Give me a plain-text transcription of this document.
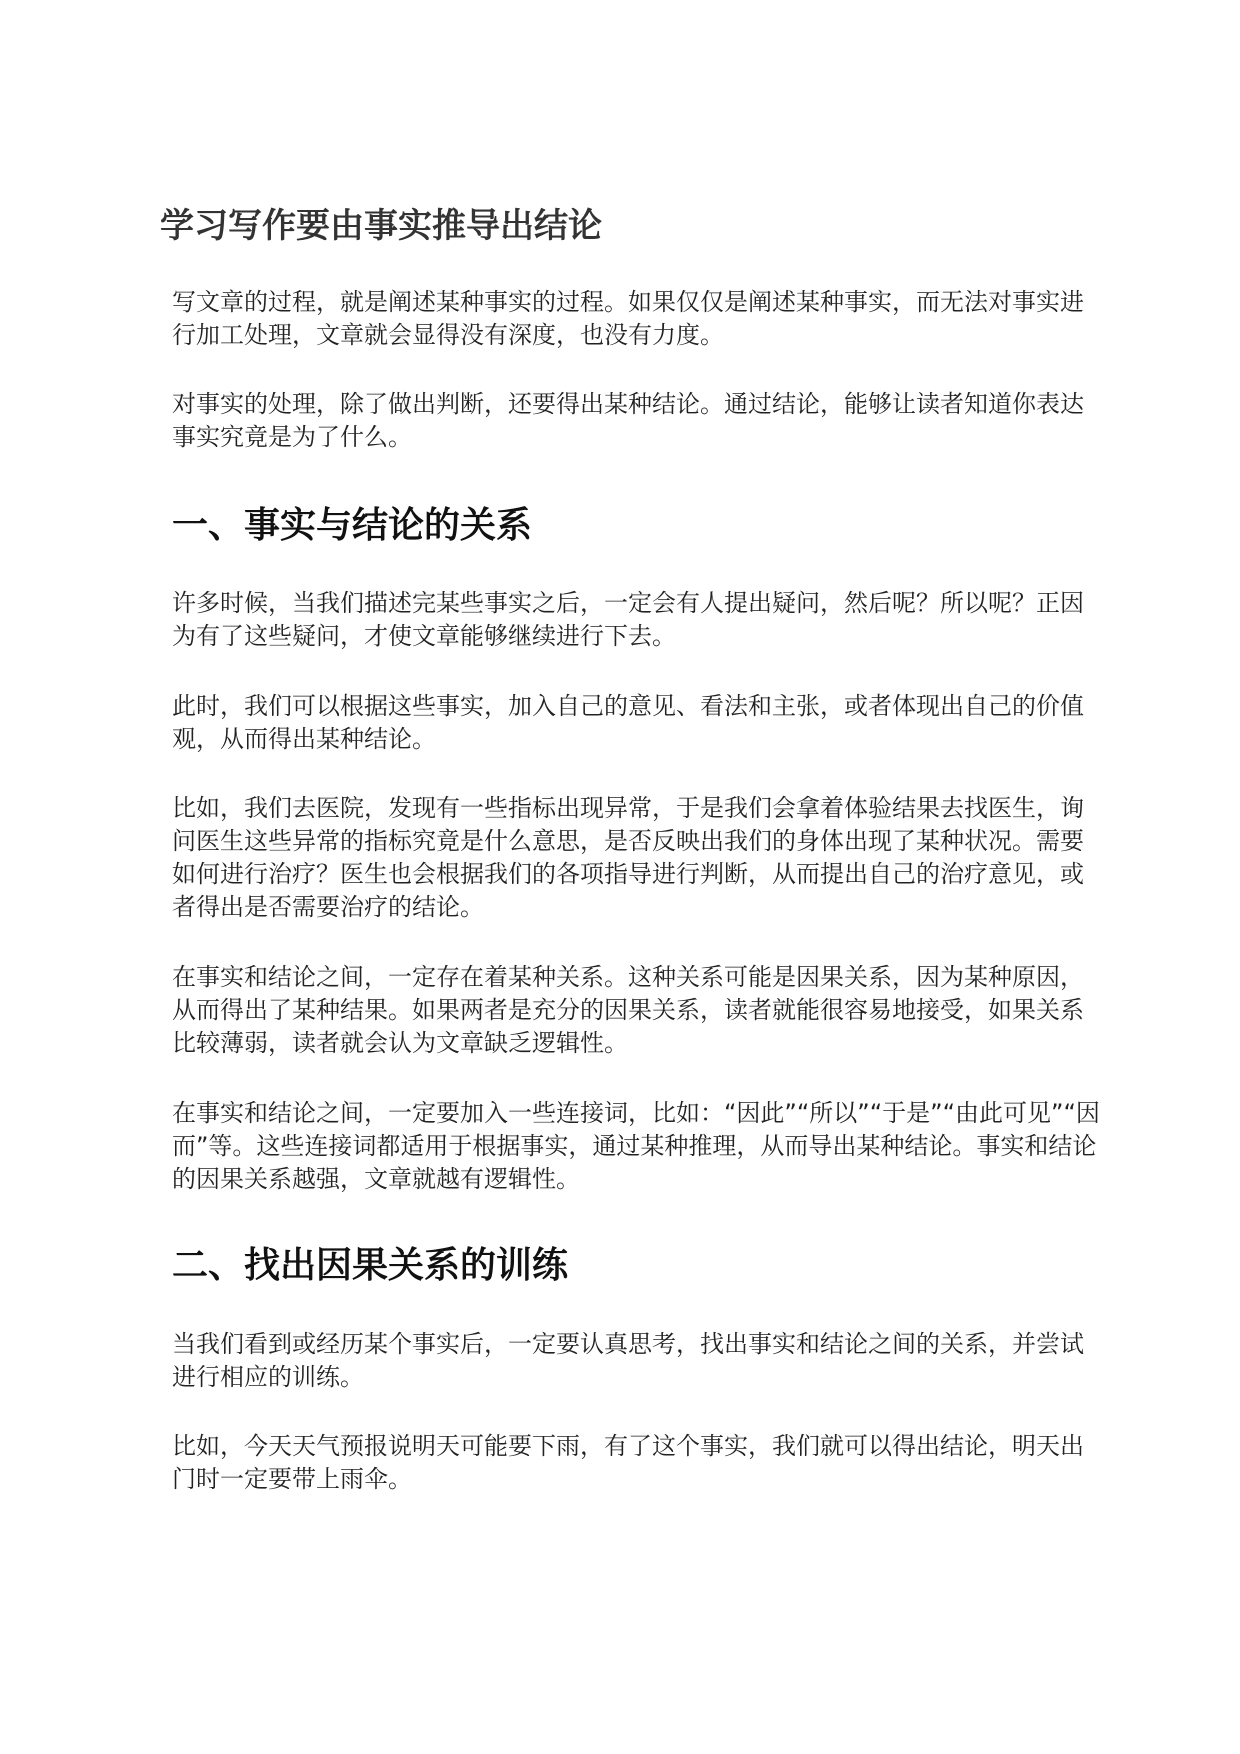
学习写作要由事实推导出结论

写文章的过程，就是阐述某种事实的过程。如果仅仅是阐述某种事实，而无法对事实进行加工处理，文章就会显得没有深度，也没有力度。

对事实的处理，除了做出判断，还要得出某种结论。通过结论，能够让读者知道你表达事实究竟是为了什么。

一、事实与结论的关系

许多时候，当我们描述完某些事实之后，一定会有人提出疑问，然后呢？所以呢？正因为有了这些疑问，才使文章能够继续进行下去。

此时，我们可以根据这些事实，加入自己的意见、看法和主张，或者体现出自己的价值观，从而得出某种结论。

比如，我们去医院，发现有一些指标出现异常，于是我们会拿着体验结果去找医生，询问医生这些异常的指标究竟是什么意思，是否反映出我们的身体出现了某种状况。需要如何进行治疗？医生也会根据我们的各项指导进行判断，从而提出自己的治疗意见，或者得出是否需要治疗的结论。

在事实和结论之间，一定存在着某种关系。这种关系可能是因果关系，因为某种原因，从而得出了某种结果。如果两者是充分的因果关系，读者就能很容易地接受，如果关系比较薄弱，读者就会认为文章缺乏逻辑性。

在事实和结论之间，一定要加入一些连接词，比如：“因此”“所以”“于是”“由此可见”“因而”等。这些连接词都适用于根据事实，通过某种推理，从而导出某种结论。事实和结论的因果关系越强，文章就越有逻辑性。

二、找出因果关系的训练

当我们看到或经历某个事实后，一定要认真思考，找出事实和结论之间的关系，并尝试进行相应的训练。

比如，今天天气预报说明天可能要下雨，有了这个事实，我们就可以得出结论，明天出门时一定要带上雨伞。
